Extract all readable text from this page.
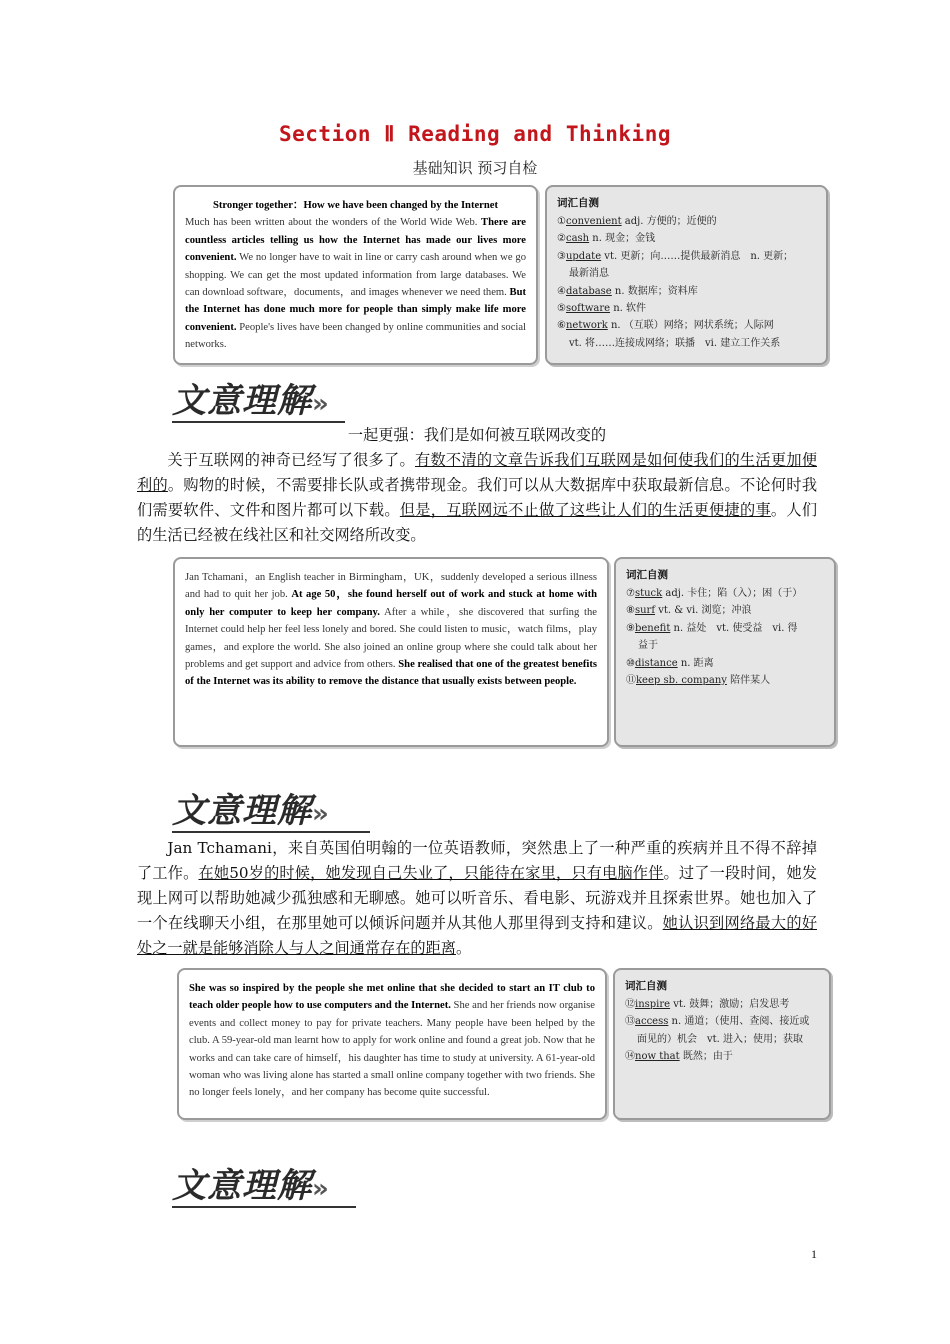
Section Ⅱ Reading and Thinking
基础知识 预习自检
Stronger together：How we have been changed by the Internet
Much has been written about the wonders of the World Wide Web. There are countless articles telling us how the Internet has made our lives more convenient. We no longer have to wait in line or carry cash around when we go shopping. We can get the most updated information from large databases. We can download software，documents，and images whenever we need them. But the Internet has done much more for people than simply make life more convenient. People's lives have been changed by online communities and social networks.
词汇自测
①convenient adj. 方便的；近便的
②cash n. 现金；金钱
③update vt. 更新；向……提供最新消息　n. 更新；
最新消息
④database n. 数据库；资料库
⑤software n. 软件
⑥network n. （互联）网络；网状系统；人际网
vt. 将……连接成网络；联播　vi. 建立工作关系
文意理解»

一起更强：我们是如何被互联网改变的

关于互联网的神奇已经写了很多了。有数不清的文章告诉我们互联网是如何使我们的生活更加便利的。购物的时候，不需要排长队或者携带现金。我们可以从大数据库中获取最新信息。不论何时我们需要软件、文件和图片都可以下载。但是，互联网远不止做了这些让人们的生活更便捷的事。人们的生活已经被在线社区和社交网络所改变。

Jan Tchamani，an English teacher in Birmingham，UK，suddenly developed a serious illness and had to quit her job. At age 50，she found herself out of work and stuck at home with only her computer to keep her company. After a while，she discovered that surfing the Internet could help her feel less lonely and bored. She could listen to music，watch films，play games，and explore the world. She also joined an online group where she could talk about her problems and get support and advice from others. She realised that one of the greatest benefits of the Internet was its ability to remove the distance that usually exists between people.
词汇自测
⑦stuck adj. 卡住；陷（入）；困（于）
⑧surf vt. & vi. 浏览；冲浪
⑨benefit n. 益处　vt. 使受益　vi. 得
益于
⑩distance n. 距离
⑪keep sb. company 陪伴某人
文意理解»

Jan Tchamani，来自英国伯明翰的一位英语教师，突然患上了一种严重的疾病并且不得不辞掉了工作。在她50岁的时候，她发现自己失业了，只能待在家里，只有电脑作伴。过了一段时间，她发现上网可以帮助她减少孤独感和无聊感。她可以听音乐、看电影、玩游戏并且探索世界。她也加入了一个在线聊天小组，在那里她可以倾诉问题并从其他人那里得到支持和建议。她认识到网络最大的好处之一就是能够消除人与人之间通常存在的距离。

She was so inspired by the people she met online that she decided to start an IT club to teach older people how to use computers and the Internet. She and her friends now organise events and collect money to pay for private teachers. Many people have been helped by the club. A 59-year-old man learnt how to apply for work online and found a great job. Now that he works and can take care of himself，his daughter has time to study at university. A 61-year-old woman who was living alone has started a small online company together with two friends. She no longer feels lonely，and her company has become quite successful.
词汇自测
⑫inspire vt. 鼓舞；激励；启发思考
⑬access n. 通道；（使用、查阅、接近或
面见的）机会　vt. 进入；使用；获取
⑭now that 既然；由于
文意理解»
1
